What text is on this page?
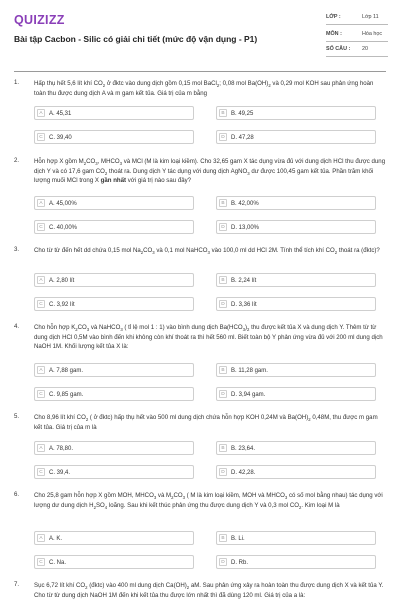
QUIZIZZ
Bài tập Cacbon - Silic có giải chi tiết (mức độ vận dụng - P1)
LỚP :	Lớp 11
MÔN :	Hóa học
SỐ CÂU : 20
1. Hấp thụ hết 5,6 lít khí $CO_2$ ở đktc vào dung dịch gồm 0,15 mol BaCl$_2$; 0,08 mol $Ba(OH)_2$ và 0,29 mol KOH sau phản ứng hoàn toàn thu được dung dịch A và m gam kết tủa. Giá trị của m bằng
2. Hỗn hợp X gồm $M_2CO_3$, $MHCO_3$ và MCl (M là kim loại kiềm). Cho 32,65 gam X tác dụng vừa đủ với dung dịch HCl thu được dung dịch Y và có 17,6 gam $CO_2$ thoát ra. Dung dịch Y tác dụng với dung dịch AgNO$_3$ dư được 100,45 gam kết tủa. Phần trăm khối lượng muối MCl trong X gần nhất với giá trị nào sau đây?
3. Cho từ từ đến hết dd chứa 0,15 mol $Na_2CO_3$ và 0,1 mol NaHCO$_3$ vào 100,0 ml dd HCl 2M. Tính thể tích khí $CO_2$ thoát ra (đktc)?
4. Cho hỗn hợp $K_2CO_3$ và NaHCO$_3$ ( tỉ lệ mol 1 : 1) vào bình dung dịch $Ba(HCO_3)_2$ thu được kết tủa X và dung dịch Y. Thêm từ từ dung dịch HCl 0,5M vào bình đến khi không còn khí thoát ra thì hết 560 ml. Biết toàn bộ Y phản ứng vừa đủ với 200 ml dung dịch NaOH 1M. Khối lượng kết tủa X là:
5. Cho 8,96 lít khí $CO_2$ ( ở đktc) hấp thụ hết vào 500 ml dung dịch chứa hỗn hợp KOH 0,24M và $Ba(OH)_2$ 0,48M, thu được m gam kết tủa. Giá trị của m là
6. Cho 25,8 gam hỗn hợp X gồm MOH, $MHCO_3$ và $M_2CO_3$ ( M là kim loại kiềm, MOH và $MHCO_3$ có số mol bằng nhau) tác dụng với lượng dư dung dịch $H_2SO_4$ loãng. Sau khi kết thúc phản ứng thu được dung dịch Y và 0,3 mol $CO_2$. Kim loại M là
7. Sục 6,72 lít khí $CO_2$ (đktc) vào 400 ml dung dịch $Ca(OH)_2$ aM. Sau phản ứng xảy ra hoàn toàn thu được dung dịch X và kết tủa Y. Cho từ từ dung dịch NaOH 1M đến khi kết tủa thu được lớn nhất thì đã dùng 120 ml. Giá trị của a là:
A	A. 45,31	B	B. 49,25
C	C. 39,40	D	D. 47,28
A	A. 45,00%	B	B. 42,00%
C	C. 40,00%	D	D. 13,00%
A	A. 2,80 lít	B	B. 2,24 lít
C	C. 3,92 lít	D	D. 3,36 lít
A	A. 7,88 gam.	B	B. 11,28 gam.
C	C. 9,85 gam.	D	D. 3,94 gam.
A	A. 78,80.	B	B. 23,64.
C	C. 39,4.	D	D. 42,28.
A	A. K.	B	B. Li.
C	C. Na.	D	D. Rb.
